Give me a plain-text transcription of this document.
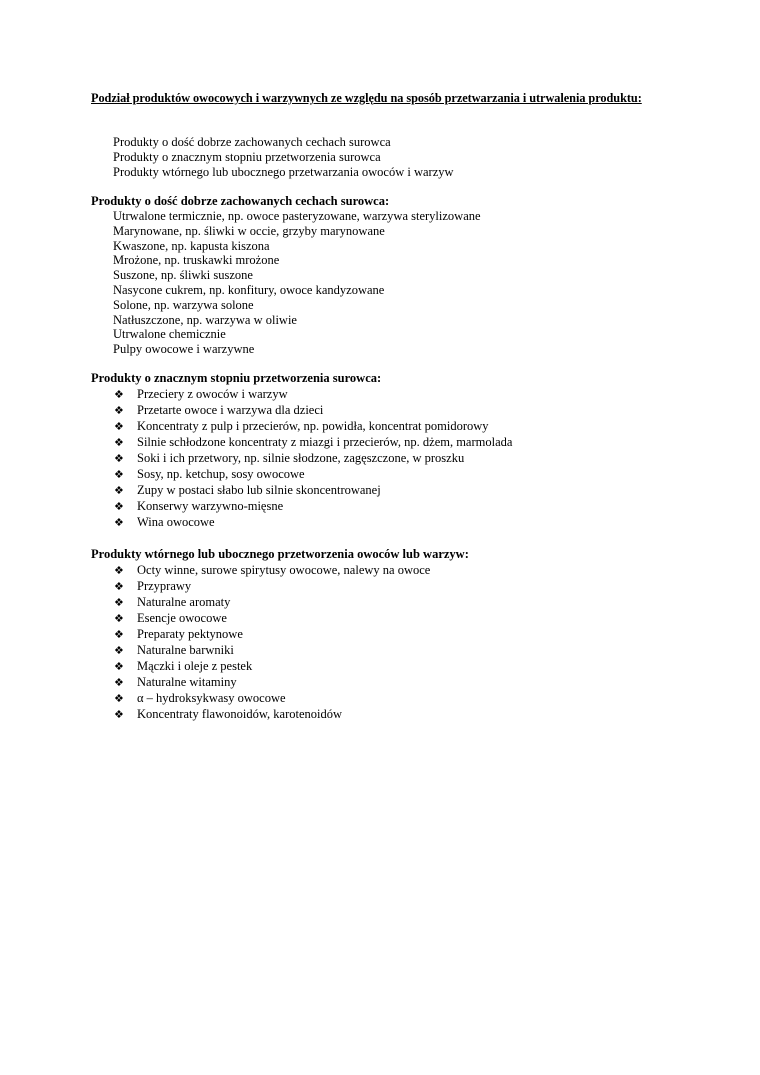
Podział produktów owocowych i warzywnych ze względu na sposób przetwarzania i utrwalenia produktu:
Produkty o dość dobrze zachowanych cechach surowca
Produkty o znacznym stopniu przetworzenia surowca
Produkty wtórnego lub ubocznego przetwarzania owoców i warzyw
Produkty o dość dobrze zachowanych cechach surowca:
Utrwalone termicznie, np. owoce pasteryzowane, warzywa sterylizowane
Marynowane, np. śliwki w occie, grzyby marynowane
Kwaszone, np. kapusta kiszona
Mrożone, np. truskawki mrożone
Suszone, np. śliwki suszone
Nasycone cukrem, np. konfitury, owoce kandyzowane
Solone, np. warzywa solone
Natłuszczone, np. warzywa w oliwie
Utrwalone chemicznie
Pulpy owocowe i warzywne
Produkty o znacznym stopniu przetworzenia surowca:
❖	Przeciery z owoców i warzyw
❖	Przetarte owoce i warzywa dla dzieci
❖	Koncentraty z pulp i przecierów, np. powidła, koncentrat pomidorowy
❖	Silnie schłodzone koncentraty z miazgi i przecierów, np. dżem, marmolada
❖	Soki i ich przetwory, np. silnie słodzone, zagęszczone, w proszku
❖	Sosy, np. ketchup, sosy owocowe
❖	Zupy w postaci słabo lub silnie skoncentrowanej
❖	Konserwy warzywno-mięsne
❖	Wina owocowe
Produkty wtórnego lub ubocznego przetworzenia owoców lub warzyw:
❖	Octy winne, surowe spirytusy owocowe, nalewy na owoce
❖	Przyprawy
❖	Naturalne aromaty
❖	Esencje owocowe
❖	Preparaty pektynowe
❖	Naturalne barwniki
❖	Mączki i oleje z pestek
❖	Naturalne witaminy
❖	α – hydroksykwasy owocowe
❖	Koncentraty flawonoidów, karotenoidów
